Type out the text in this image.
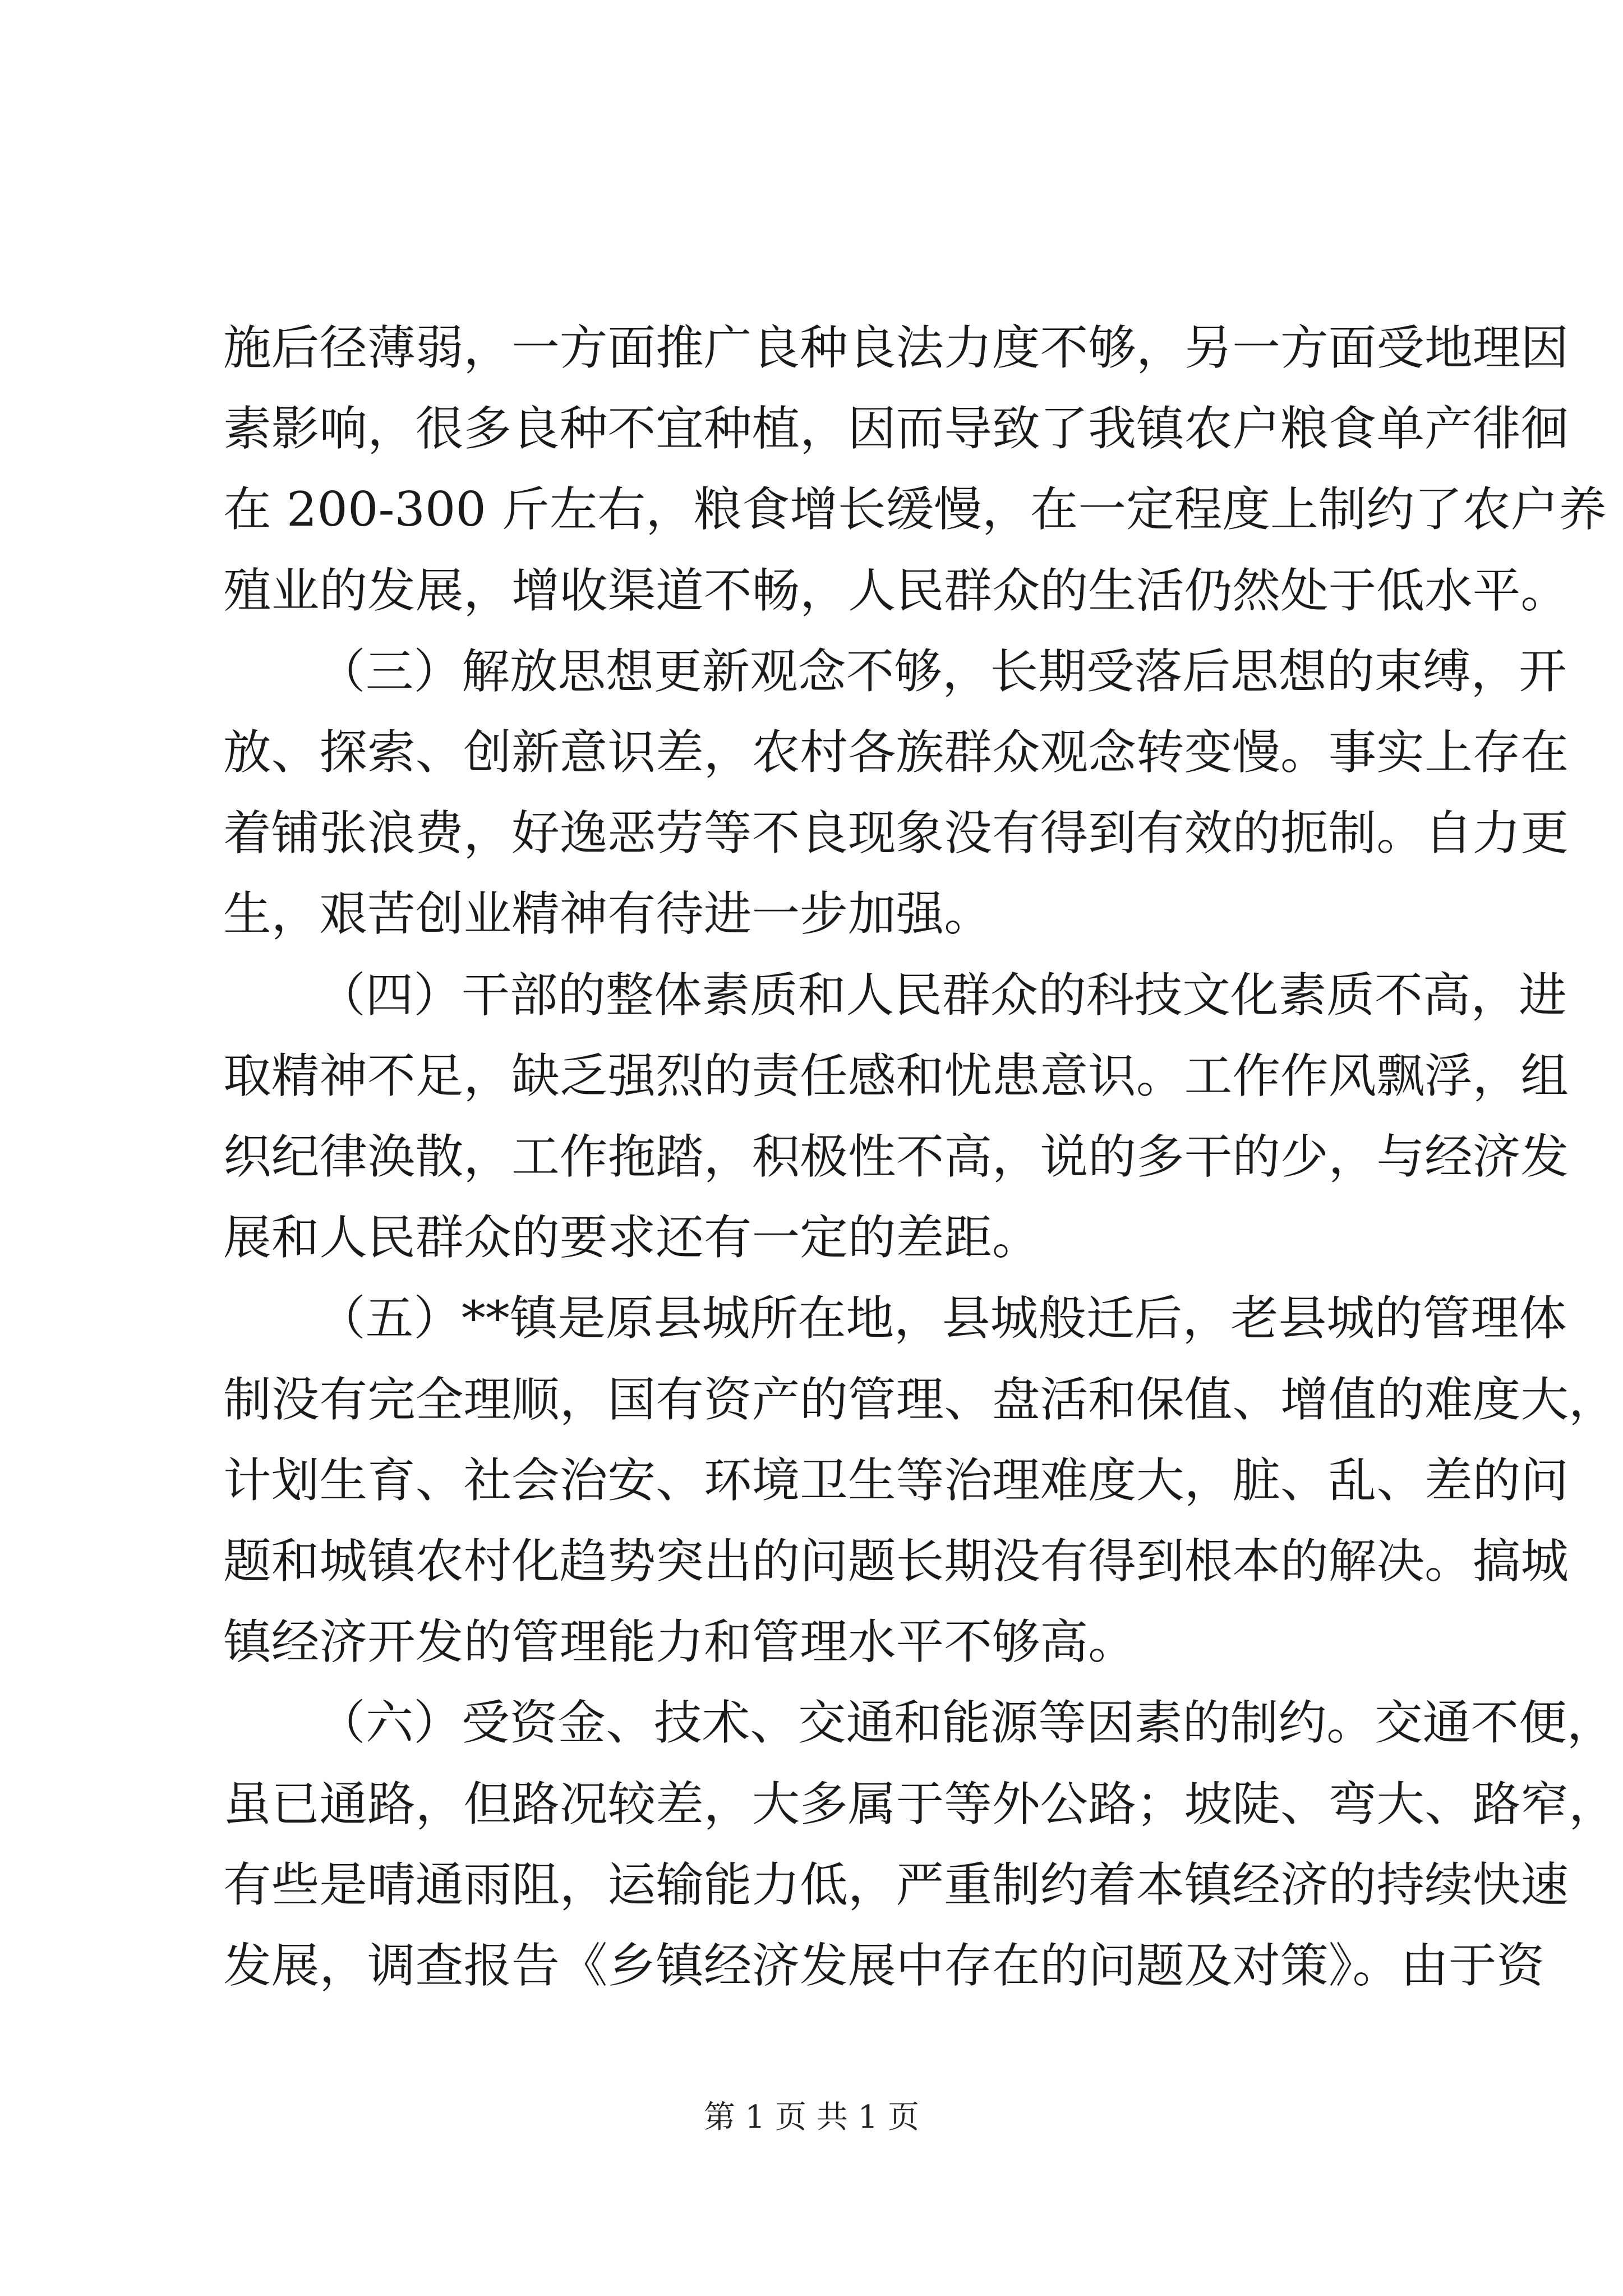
施后径薄弱，一方面推广良种良法力度不够，另一方面受地理因
素影响，很多良种不宜种植，因而导致了我镇农户粮食单产徘徊
在 200-300 斤左右，粮食增长缓慢，在一定程度上制约了农户养
殖业的发展，增收渠道不畅，人民群众的生活仍然处于低水平。
（三）解放思想更新观念不够，长期受落后思想的束缚，开
放、探索、创新意识差，农村各族群众观念转变慢。事实上存在
着铺张浪费，好逸恶劳等不良现象没有得到有效的扼制。自力更
生，艰苦创业精神有待进一步加强。
（四）干部的整体素质和人民群众的科技文化素质不高，进
取精神不足，缺乏强烈的责任感和忧患意识。工作作风飘浮，组
织纪律涣散，工作拖踏，积极性不高，说的多干的少，与经济发
展和人民群众的要求还有一定的差距。
（五）**镇是原县城所在地，县城般迁后，老县城的管理体
制没有完全理顺，国有资产的管理、盘活和保值、增值的难度大，
计划生育、社会治安、环境卫生等治理难度大，脏、乱、差的问
题和城镇农村化趋势突出的问题长期没有得到根本的解决。搞城
镇经济开发的管理能力和管理水平不够高。
（六）受资金、技术、交通和能源等因素的制约。交通不便，
虽已通路，但路况较差，大多属于等外公路；坡陡、弯大、路窄，
有些是晴通雨阻，运输能力低，严重制约着本镇经济的持续快速
发展，调查报告《乡镇经济发展中存在的问题及对策》。由于资
第 1 页 共 1 页
